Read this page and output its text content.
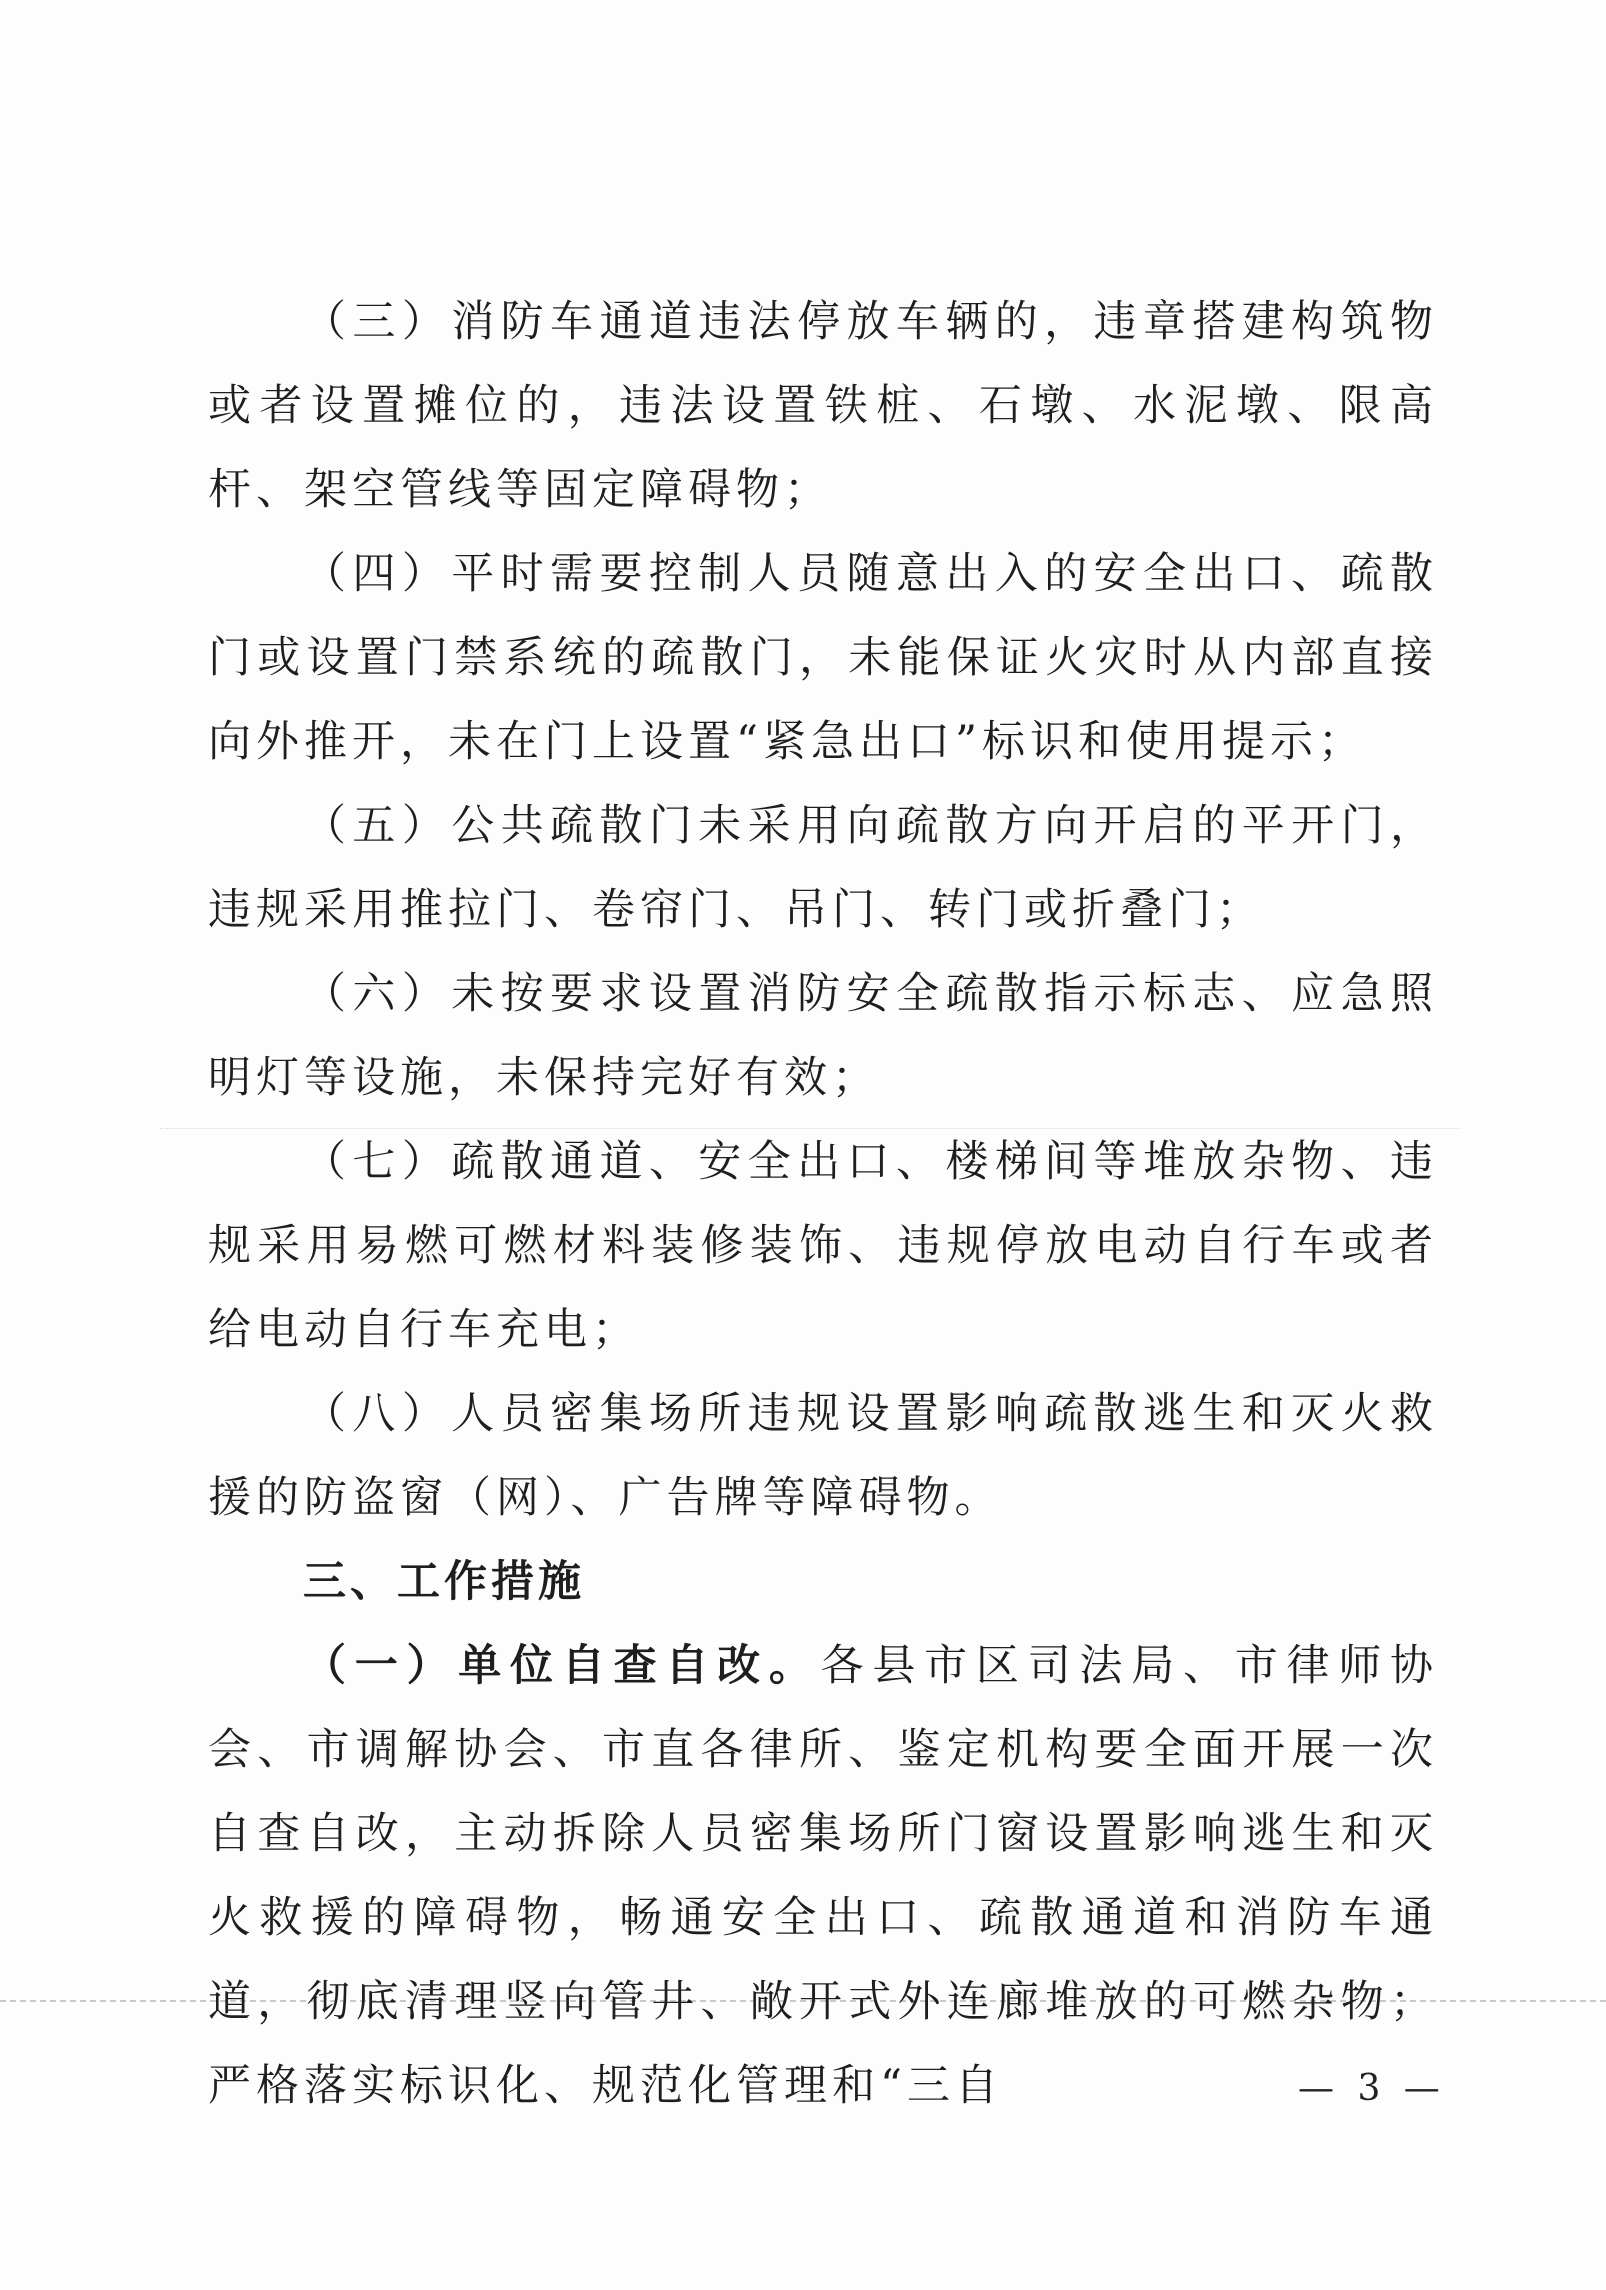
（三）消防车通道违法停放车辆的，违章搭建构筑物或者设置摊位的，违法设置铁桩、石墩、水泥墩、限高杆、架空管线等固定障碍物；

（四）平时需要控制人员随意出入的安全出口、疏散门或设置门禁系统的疏散门，未能保证火灾时从内部直接向外推开，未在门上设置“紧急出口”标识和使用提示；

（五）公共疏散门未采用向疏散方向开启的平开门，违规采用推拉门、卷帘门、吊门、转门或折叠门；

（六）未按要求设置消防安全疏散指示标志、应急照明灯等设施，未保持完好有效；

（七）疏散通道、安全出口、楼梯间等堆放杂物、违规采用易燃可燃材料装修装饰、违规停放电动自行车或者给电动自行车充电；

（八）人员密集场所违规设置影响疏散逃生和灭火救援的防盗窗（网）、广告牌等障碍物。

三、工作措施

（一）单位自查自改。各县市区司法局、市律师协会、市调解协会、市直各律所、鉴定机构要全面开展一次自查自改，主动拆除人员密集场所门窗设置影响逃生和灭火救援的障碍物，畅通安全出口、疏散通道和消防车通道，彻底清理竖向管井、敞开式外连廊堆放的可燃杂物；严格落实标识化、规范化管理和“三自	— 3 —
